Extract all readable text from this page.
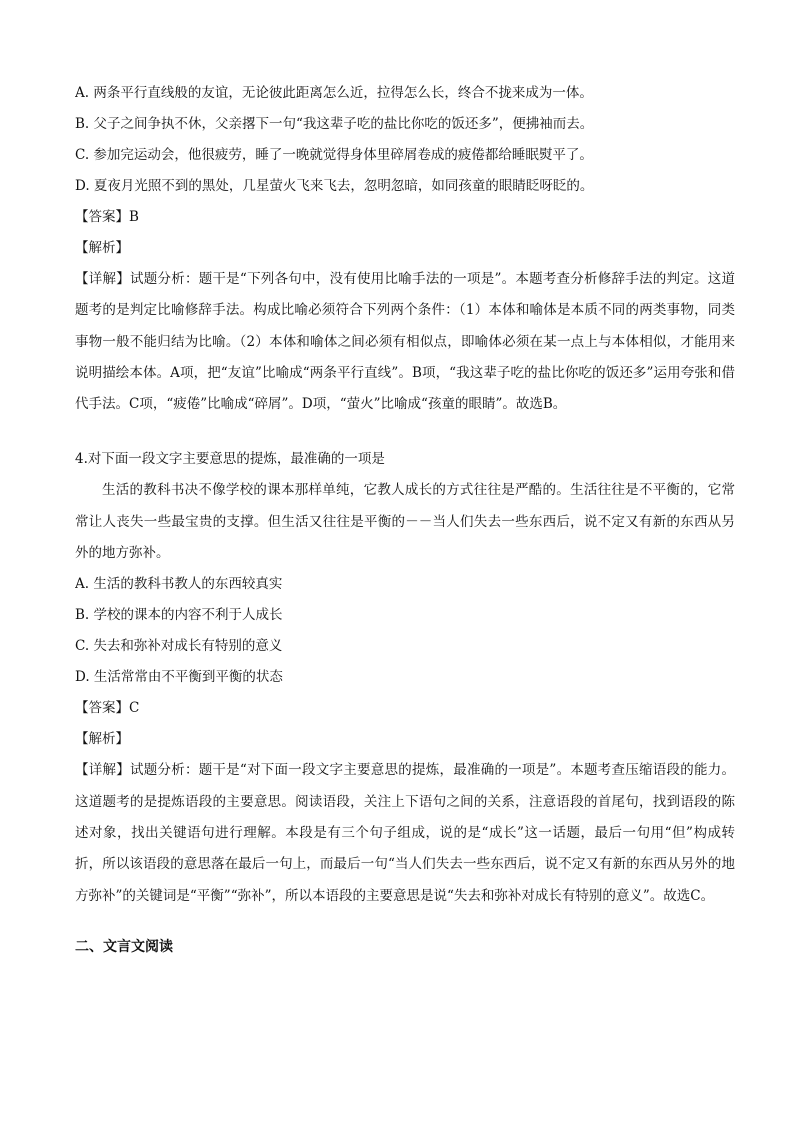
A. 两条平行直线般的友谊，无论彼此距离怎么近，拉得怎么长，终合不拢来成为一体。
B. 父子之间争执不休，父亲撂下一句“我这辈子吃的盐比你吃的饭还多”，便拂袖而去。
C. 参加完运动会，他很疲劳，睡了一晚就觉得身体里碎屑卷成的疲倦都给睡眠熨平了。
D. 夏夜月光照不到的黑处，几星萤火飞来飞去，忽明忽暗，如同孩童的眼睛眨呀眨的。
【答案】B
【解析】

【详解】试题分析：题干是“下列各句中，没有使用比喻手法的一项是”。本题考查分析修辞手法的判定。这道题考的是判定比喻修辞手法。构成比喻必须符合下列两个条件：（1）本体和喻体是本质不同的两类事物，同类事物一般不能归结为比喻。（2）本体和喻体之间必须有相似点，即喻体必须在某一点上与本体相似，才能用来说明描绘本体。A项，把“友谊”比喻成“两条平行直线”。B项，“我这辈子吃的盐比你吃的饭还多”运用夸张和借代手法。C项，“疲倦”比喻成“碎屑”。D项，“萤火”比喻成“孩童的眼睛”。故选B。

4.对下面一段文字主要意思的提炼，最准确的一项是

生活的教科书决不像学校的课本那样单纯，它教人成长的方式往往是严酷的。生活往往是不平衡的，它常常让人丧失一些最宝贵的支撑。但生活又往往是平衡的－－当人们失去一些东西后，说不定又有新的东西从另外的地方弥补。

A. 生活的教科书教人的东西较真实
B. 学校的课本的内容不利于人成长
C. 失去和弥补对成长有特别的意义
D. 生活常常由不平衡到平衡的状态
【答案】C
【解析】

【详解】试题分析：题干是“对下面一段文字主要意思的提炼，最准确的一项是”。本题考查压缩语段的能力。这道题考的是提炼语段的主要意思。阅读语段，关注上下语句之间的关系，注意语段的首尾句，找到语段的陈述对象，找出关键语句进行理解。本段是有三个句子组成，说的是“成长”这一话题，最后一句用“但”构成转折，所以该语段的意思落在最后一句上，而最后一句“当人们失去一些东西后，说不定又有新的东西从另外的地方弥补”的关键词是“平衡”“弥补”，所以本语段的主要意思是说“失去和弥补对成长有特别的意义”。故选C。

二、文言文阅读
